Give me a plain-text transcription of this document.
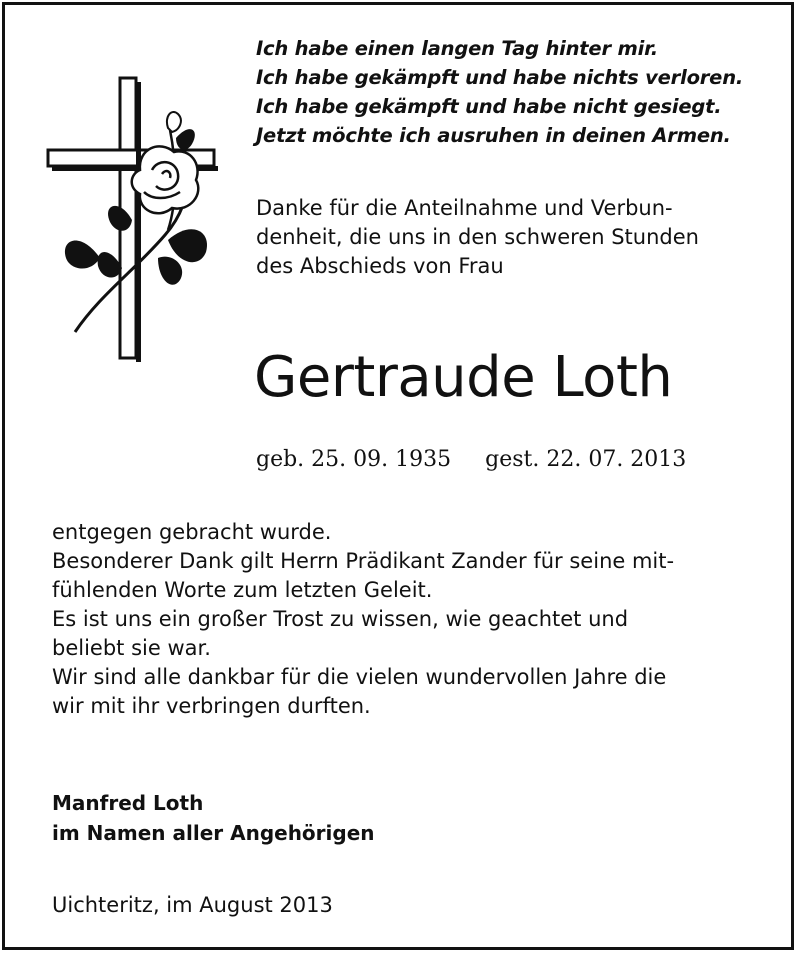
Ich habe einen langen Tag hinter mir.
Ich habe gekämpft und habe nichts verloren.
Ich habe gekämpft und habe nicht gesiegt.
Jetzt möchte ich ausruhen in deinen Armen.
Danke für die Anteilnahme und Verbun-
denheit, die uns in den schweren Stunden
des Abschieds von Frau
Gertraude Loth
geb. 25. 09. 1935 gest. 22. 07. 2013
entgegen gebracht wurde.
Besonderer Dank gilt Herrn Prädikant Zander für seine mit-
fühlenden Worte zum letzten Geleit.
Es ist uns ein großer Trost zu wissen, wie geachtet und
beliebt sie war.
Wir sind alle dankbar für die vielen wundervollen Jahre die
wir mit ihr verbringen durften.
Manfred Loth
im Namen aller Angehörigen
Uichteritz, im August 2013
